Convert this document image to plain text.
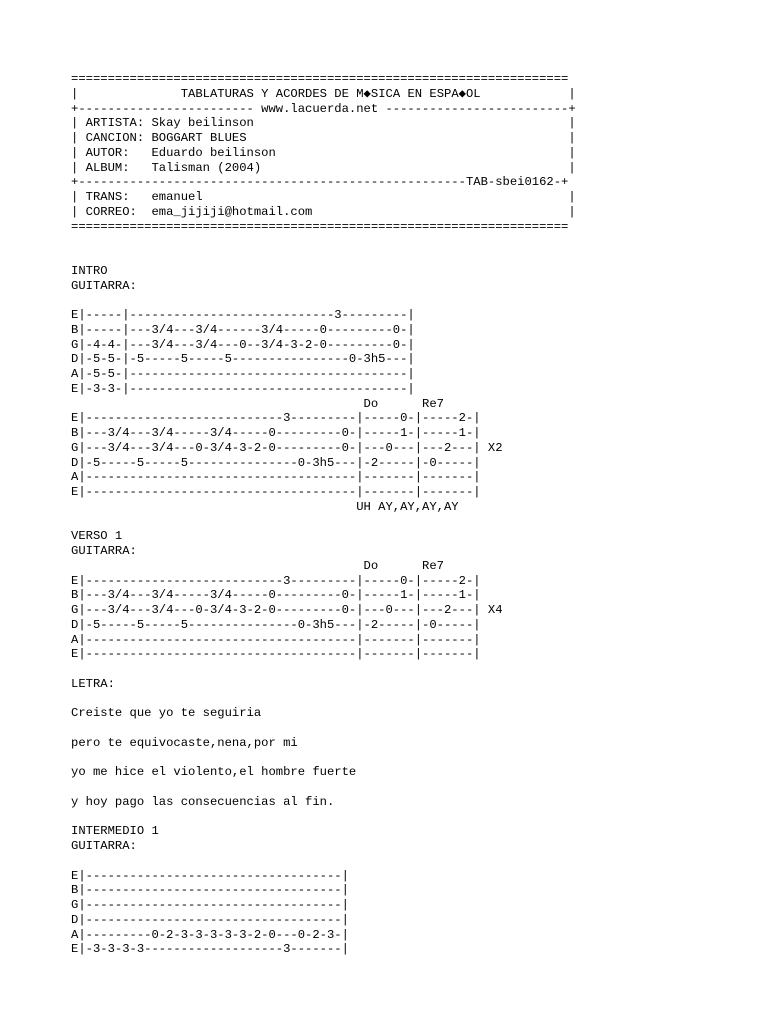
====================================================================
|              TABLATURAS Y ACORDES DE M◆SICA EN ESPA◆OL            |
+------------------------ www.lacuerda.net -------------------------+
| ARTISTA: Skay beilinson                                           |
| CANCION: BOGGART BLUES                                            |
| AUTOR:   Eduardo beilinson                                        |
| ALBUM:   Talisman (2004)                                          |
+-----------------------------------------------------TAB-sbei0162-+
| TRANS:   emanuel                                                  |
| CORREO:  ema_jijiji@hotmail.com                                   |
====================================================================
INTRO
GUITARRA:
E|-----|----------------------------3---------|
B|-----|---3/4---3/4------3/4-----0---------0-|
G|-4-4-|---3/4---3/4---0--3/4-3-2-0---------0-|
D|-5-5-|-5-----5-----5----------------0-3h5---|
A|-5-5-|--------------------------------------|
E|-3-3-|--------------------------------------|
Do      Re7
E|---------------------------3---------|-----0-|-----2-|
B|---3/4---3/4-----3/4-----0---------0-|-----1-|-----1-|
G|---3/4---3/4---0-3/4-3-2-0---------0-|---0---|---2---| X2
D|-5-----5-----5---------------0-3h5---|-2-----|-0-----|
A|-------------------------------------|-------|-------|
E|-------------------------------------|-------|-------|
UH AY,AY,AY,AY
VERSO 1
GUITARRA:
Do      Re7
E|---------------------------3---------|-----0-|-----2-|
B|---3/4---3/4-----3/4-----0---------0-|-----1-|-----1-|
G|---3/4---3/4---0-3/4-3-2-0---------0-|---0---|---2---| X4
D|-5-----5-----5---------------0-3h5---|-2-----|-0-----|
A|-------------------------------------|-------|-------|
E|-------------------------------------|-------|-------|
LETRA:
Creiste que yo te seguiria
pero te equivocaste,nena,por mi
yo me hice el violento,el hombre fuerte
y hoy pago las consecuencias al fin.
INTERMEDIO 1
GUITARRA:
E|-----------------------------------|
B|-----------------------------------|
G|-----------------------------------|
D|-----------------------------------|
A|---------0-2-3-3-3-3-3-2-0---0-2-3-|
E|-3-3-3-3-------------------3-------|
